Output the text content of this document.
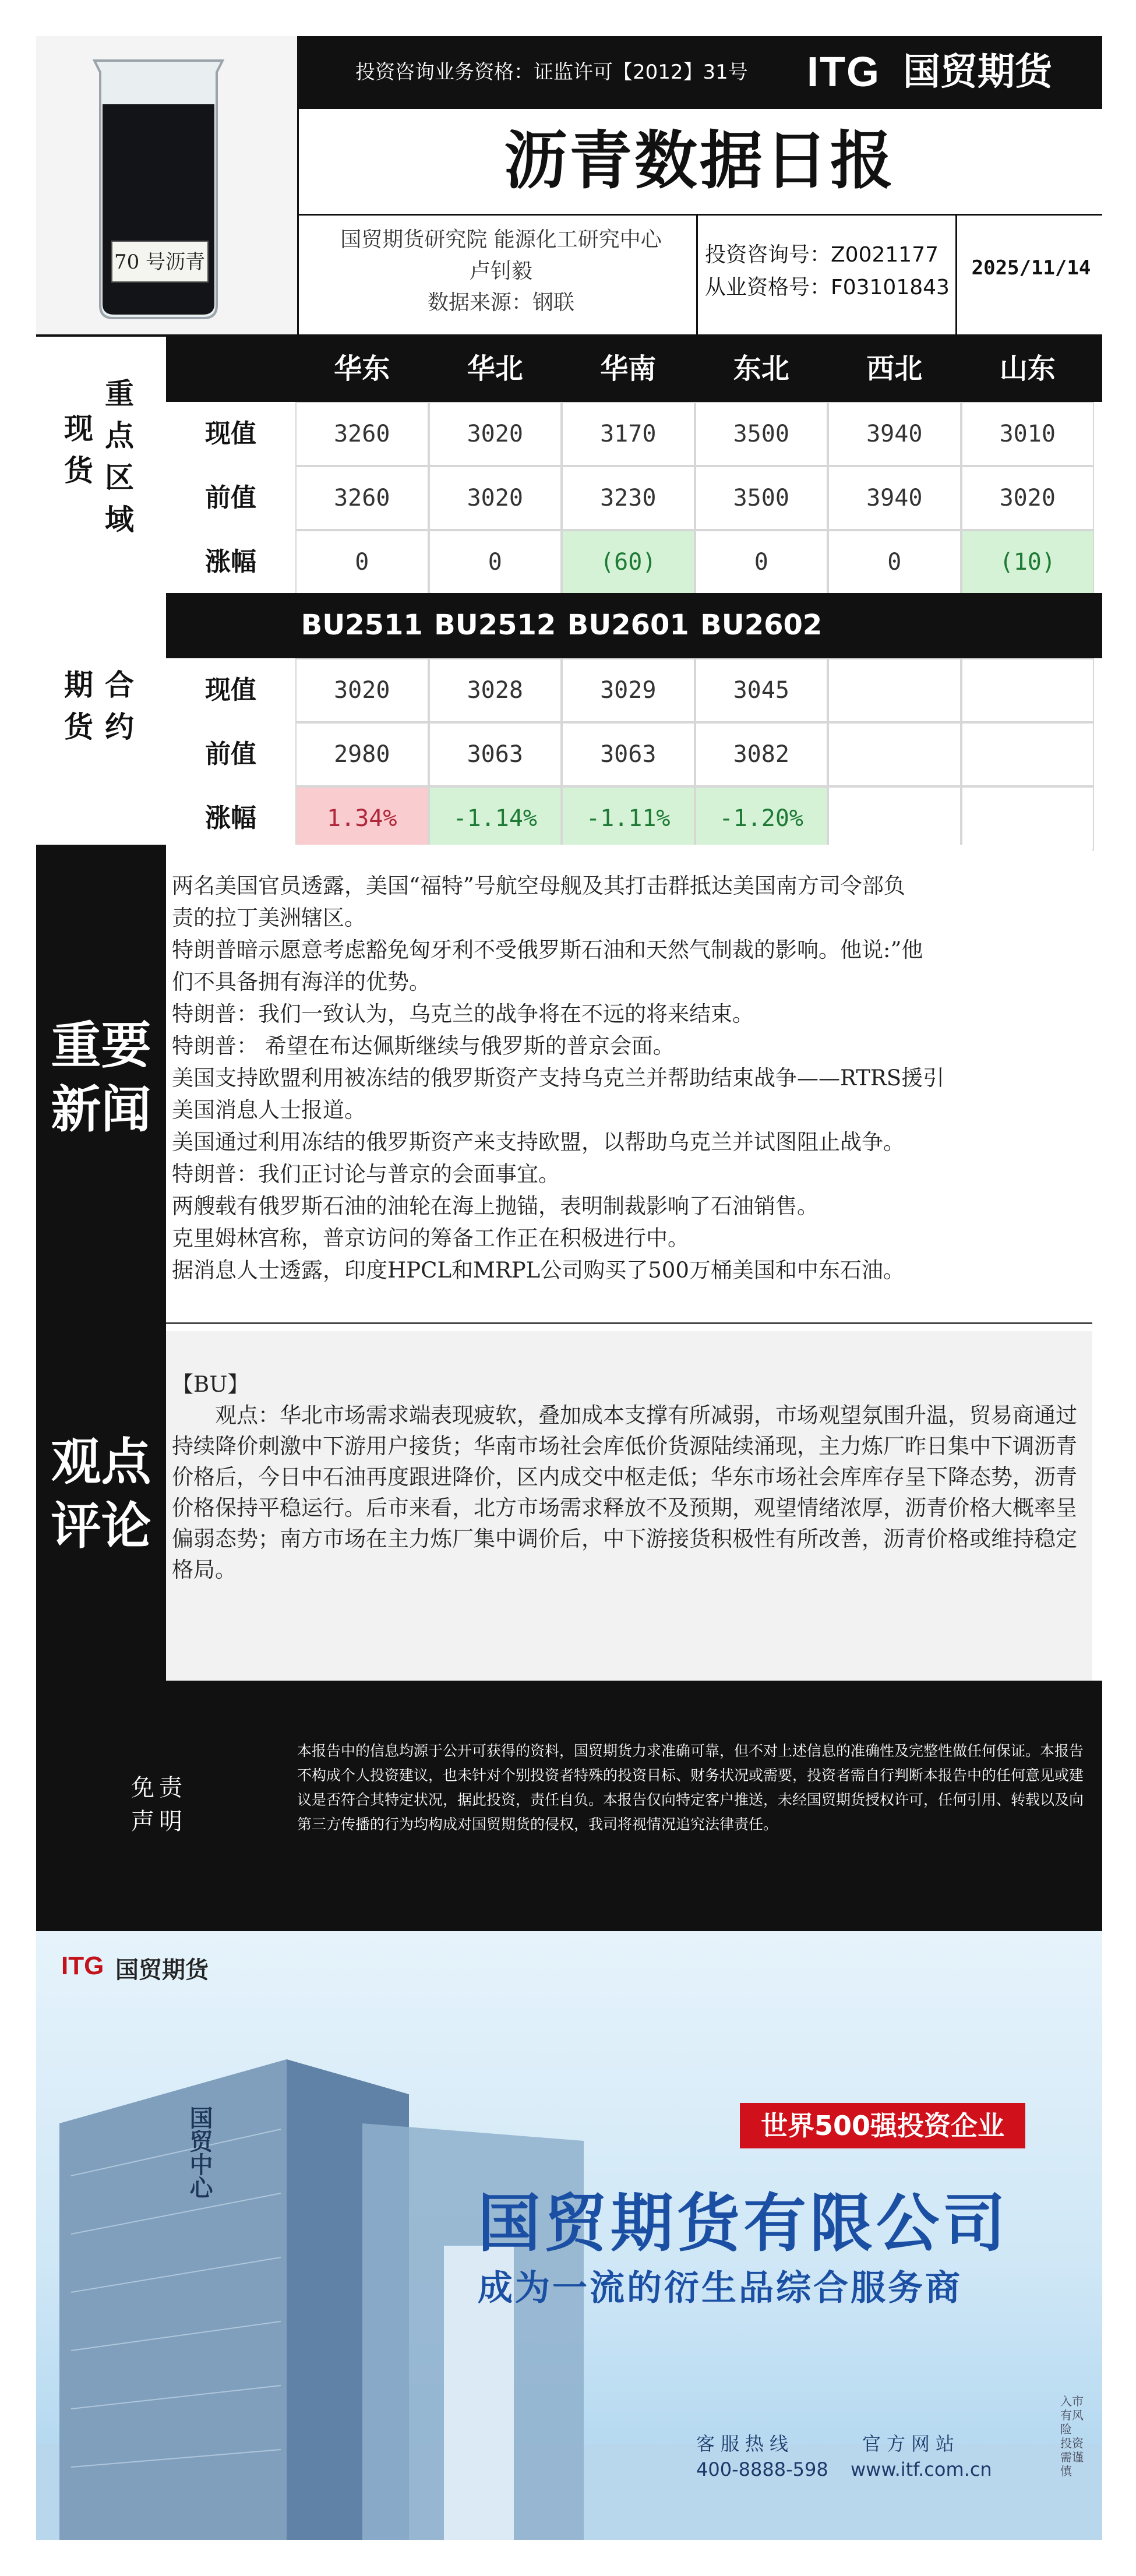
70 号沥青
投资咨询业务资格：证监许可【2012】31号 ITG 国贸期货
沥青数据日报
国贸期货研究院 能源化工研究中心
卢钊毅
数据来源：钢联
投资咨询号：Z0021177
从业资格号：F03101843
2025/11/14
现
货
重
点
区
域
华东	华北	华南	东北	西北	山东
现值	3260	3020	3170	3500	3940	3010
前值	3260	3020	3230	3500	3940	3020
涨幅	0	0	(60)	0	0	(10)
期
货
合
约
BU2511 BU2512 BU2601 BU2602
现值	3020	3028	3029	3045
前值	2980	3063	3063	3082
涨幅	1.34%	-1.14%	-1.11%	-1.20%
重要
新闻
两名美国官员透露，美国“福特”号航空母舰及其打击群抵达美国南方司令部负
责的拉丁美洲辖区。
特朗普暗示愿意考虑豁免匈牙利不受俄罗斯石油和天然气制裁的影响。他说:”他
们不具备拥有海洋的优势。
特朗普：我们一致认为，乌克兰的战争将在不远的将来结束。
特朗普： 希望在布达佩斯继续与俄罗斯的普京会面。
美国支持欧盟利用被冻结的俄罗斯资产支持乌克兰并帮助结束战争——RTRS援引
美国消息人士报道。
美国通过利用冻结的俄罗斯资产来支持欧盟，以帮助乌克兰并试图阻止战争。
特朗普：我们正讨论与普京的会面事宜。
两艘载有俄罗斯石油的油轮在海上抛锚，表明制裁影响了石油销售。
克里姆林宫称，普京访问的筹备工作正在积极进行中。
据消息人士透露，印度HPCL和MRPL公司购买了500万桶美国和中东石油。
观点
评论
【BU】
观点：华北市场需求端表现疲软，叠加成本支撑有所减弱，市场观望氛围升温，贸易商通过持续降价刺激中下游用户接货；华南市场社会库低价货源陆续涌现，主力炼厂昨日集中下调沥青价格后，今日中石油再度跟进降价，区内成交中枢走低；华东市场社会库库存呈下降态势，沥青价格保持平稳运行。后市来看，北方市场需求释放不及预期，观望情绪浓厚，沥青价格大概率呈偏弱态势；南方市场在主力炼厂集中调价后，中下游接货积极性有所改善，沥青价格或维持稳定格局。
免责
声明
本报告中的信息均源于公开可获得的资料，国贸期货力求准确可靠，但不对上述信息的准确性及完整性做任何保证。本报告不构成个人投资建议，也未针对个别投资者特殊的投资目标、财务状况或需要，投资者需自行判断本报告中的任何意见或建议是否符合其特定状况，据此投资，责任自负。本报告仅向特定客户推送，未经国贸期货授权许可，任何引用、转载以及向第三方传播的行为均构成对国贸期货的侵权，我司将视情况追究法律责任。
国贸中心
ITG 国贸期货
世界500强投资企业
国贸期货有限公司
成为一流的衍生品综合服务商
客服热线
400-8888-598
官方网站
www.itf.com.cn
入市有风险 投资需谨慎
